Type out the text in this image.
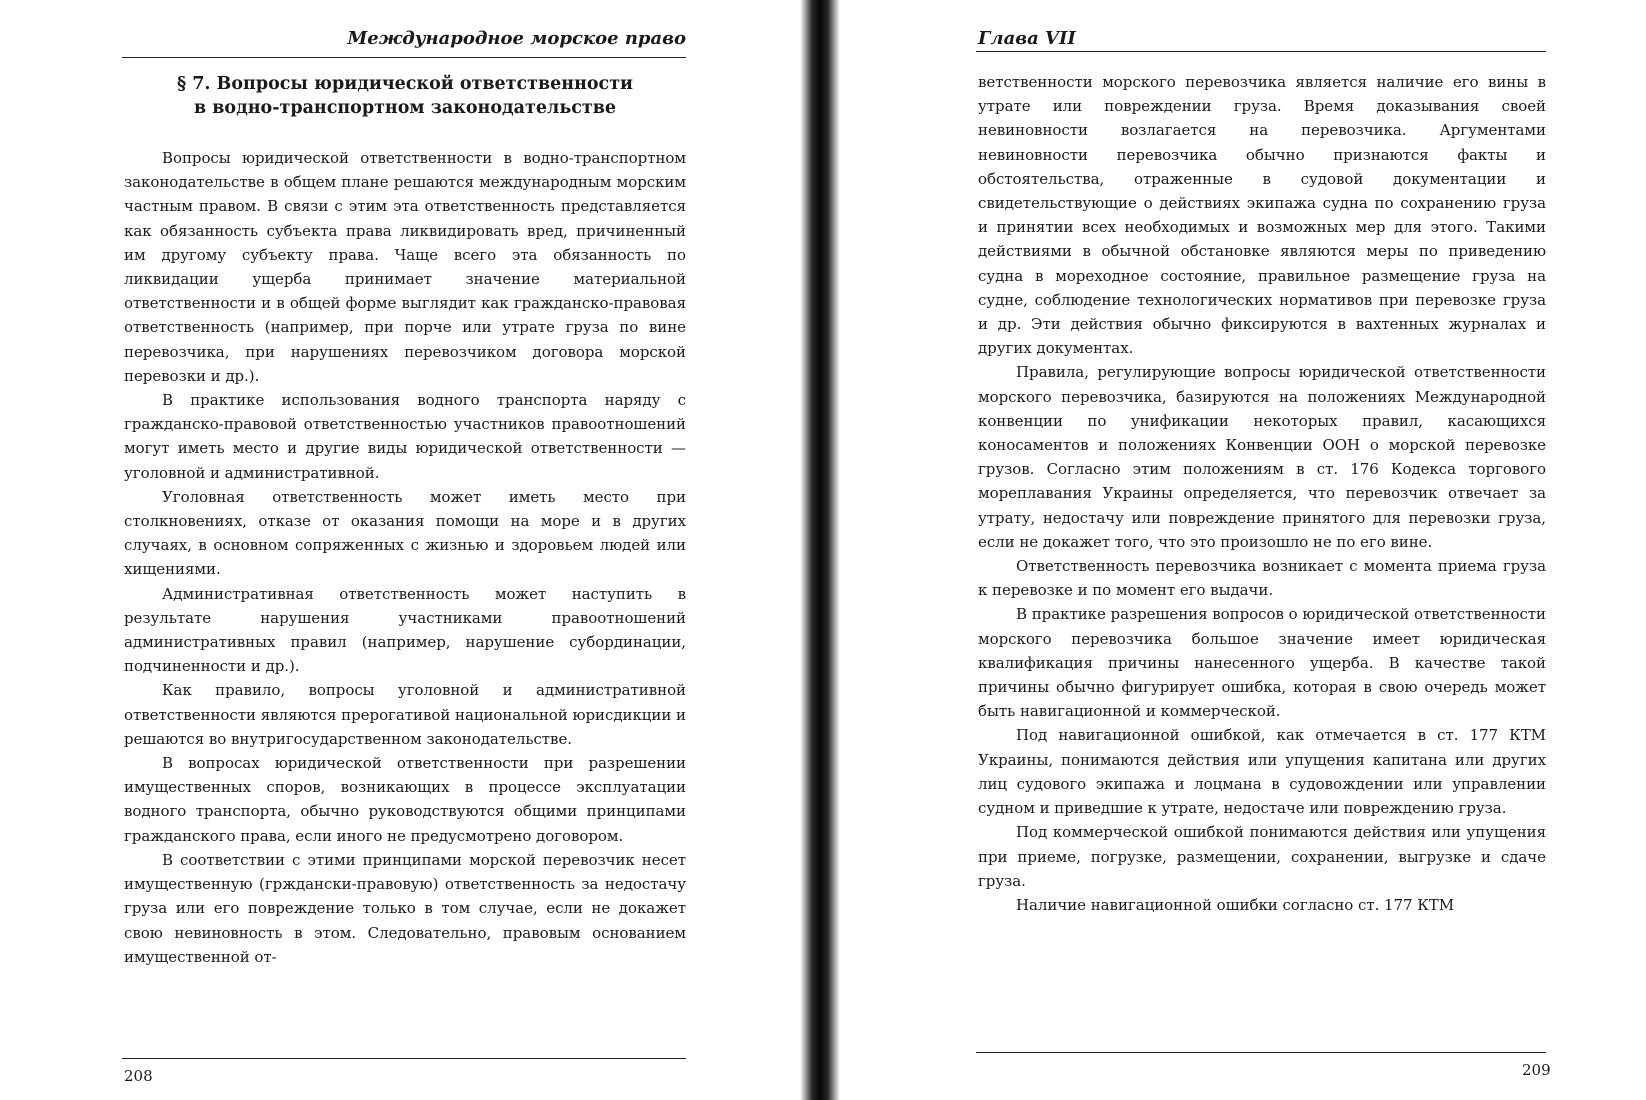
Международное морское право
§ 7. Вопросы юридической ответственности
в водно-транспортном законодательстве

Вопросы юридической ответственности в водно-транспортном законодательстве в общем плане решаются международным морским частным правом. В связи с этим эта ответственность представляется как обязанность субъекта права ликвидировать вред, причиненный им другому субъекту права. Чаще всего эта обязанность по ликвидации ущерба принимает значение материальной ответственности и в общей форме выглядит как гражданско-правовая ответственность (например, при порче или утрате груза по вине перевозчика, при нарушениях перевозчиком договора морской перевозки и др.).

В практике использования водного транспорта наряду с гражданско-правовой ответственностью участников правоотношений могут иметь место и другие виды юридической ответственности — уголовной и административной.

Уголовная ответственность может иметь место при столкновениях, отказе от оказания помощи на море и в других случаях, в основном сопряженных с жизнью и здоровьем людей или хищениями.

Административная ответственность может наступить в результате нарушения участниками правоотношений административных правил (например, нарушение субординации, подчиненности и др.).

Как правило, вопросы уголовной и административной ответственности являются прерогативой национальной юрисдикции и решаются во внутригосударственном законодательстве.

В вопросах юридической ответственности при разрешении имущественных споров, возникающих в процессе эксплуатации водного транспорта, обычно руководствуются общими принципами гражданского права, если иного не предусмотрено договором.

В соответствии с этими принципами морской перевозчик несет имущественную (грждански-правовую) ответственность за недостачу груза или его повреждение только в том случае, если не докажет свою невиновность в этом. Следовательно, правовым основанием имущественной от-

208
Глава VII

ветственности морского перевозчика является наличие его вины в утрате или повреждении груза. Время доказывания своей невиновности возлагается на перевозчика. Аргументами невиновности перевозчика обычно признаются факты и обстоятельства, отраженные в судовой документации и свидетельствующие о действиях экипажа судна по сохранению груза и принятии всех необходимых и возможных мер для этого. Такими действиями в обычной обстановке являются меры по приведению судна в мореходное состояние, правильное размещение груза на судне, соблюдение технологических нормативов при перевозке груза и др. Эти действия обычно фиксируются в вахтенных журналах и других документах.

Правила, регулирующие вопросы юридической ответственности морского перевозчика, базируются на положениях Международной конвенции по унификации некоторых правил, касающихся коносаментов и положениях Конвенции ООН о морской перевозке грузов. Согласно этим положениям в ст. 176 Кодекса торгового мореплавания Украины определяется, что перевозчик отвечает за утрату, недостачу или повреждение принятого для перевозки груза, если не докажет того, что это произошло не по его вине.

Ответственность перевозчика возникает с момента приема груза к перевозке и по момент его выдачи.

В практике разрешения вопросов о юридической ответственности морского перевозчика большое значение имеет юридическая квалификация причины нанесенного ущерба. В качестве такой причины обычно фигурирует ошибка, которая в свою очередь может быть навигационной и коммерческой.

Под навигационной ошибкой, как отмечается в ст. 177 КТМ Украины, понимаются действия или упущения капитана или других лиц судового экипажа и лоцмана в судовождении или управлении судном и приведшие к утрате, недостаче или повреждению груза.

Под коммерческой ошибкой понимаются действия или упущения при приеме, погрузке, размещении, сохранении, выгрузке и сдаче груза.

Наличие навигационной ошибки согласно ст. 177 КТМ

209
